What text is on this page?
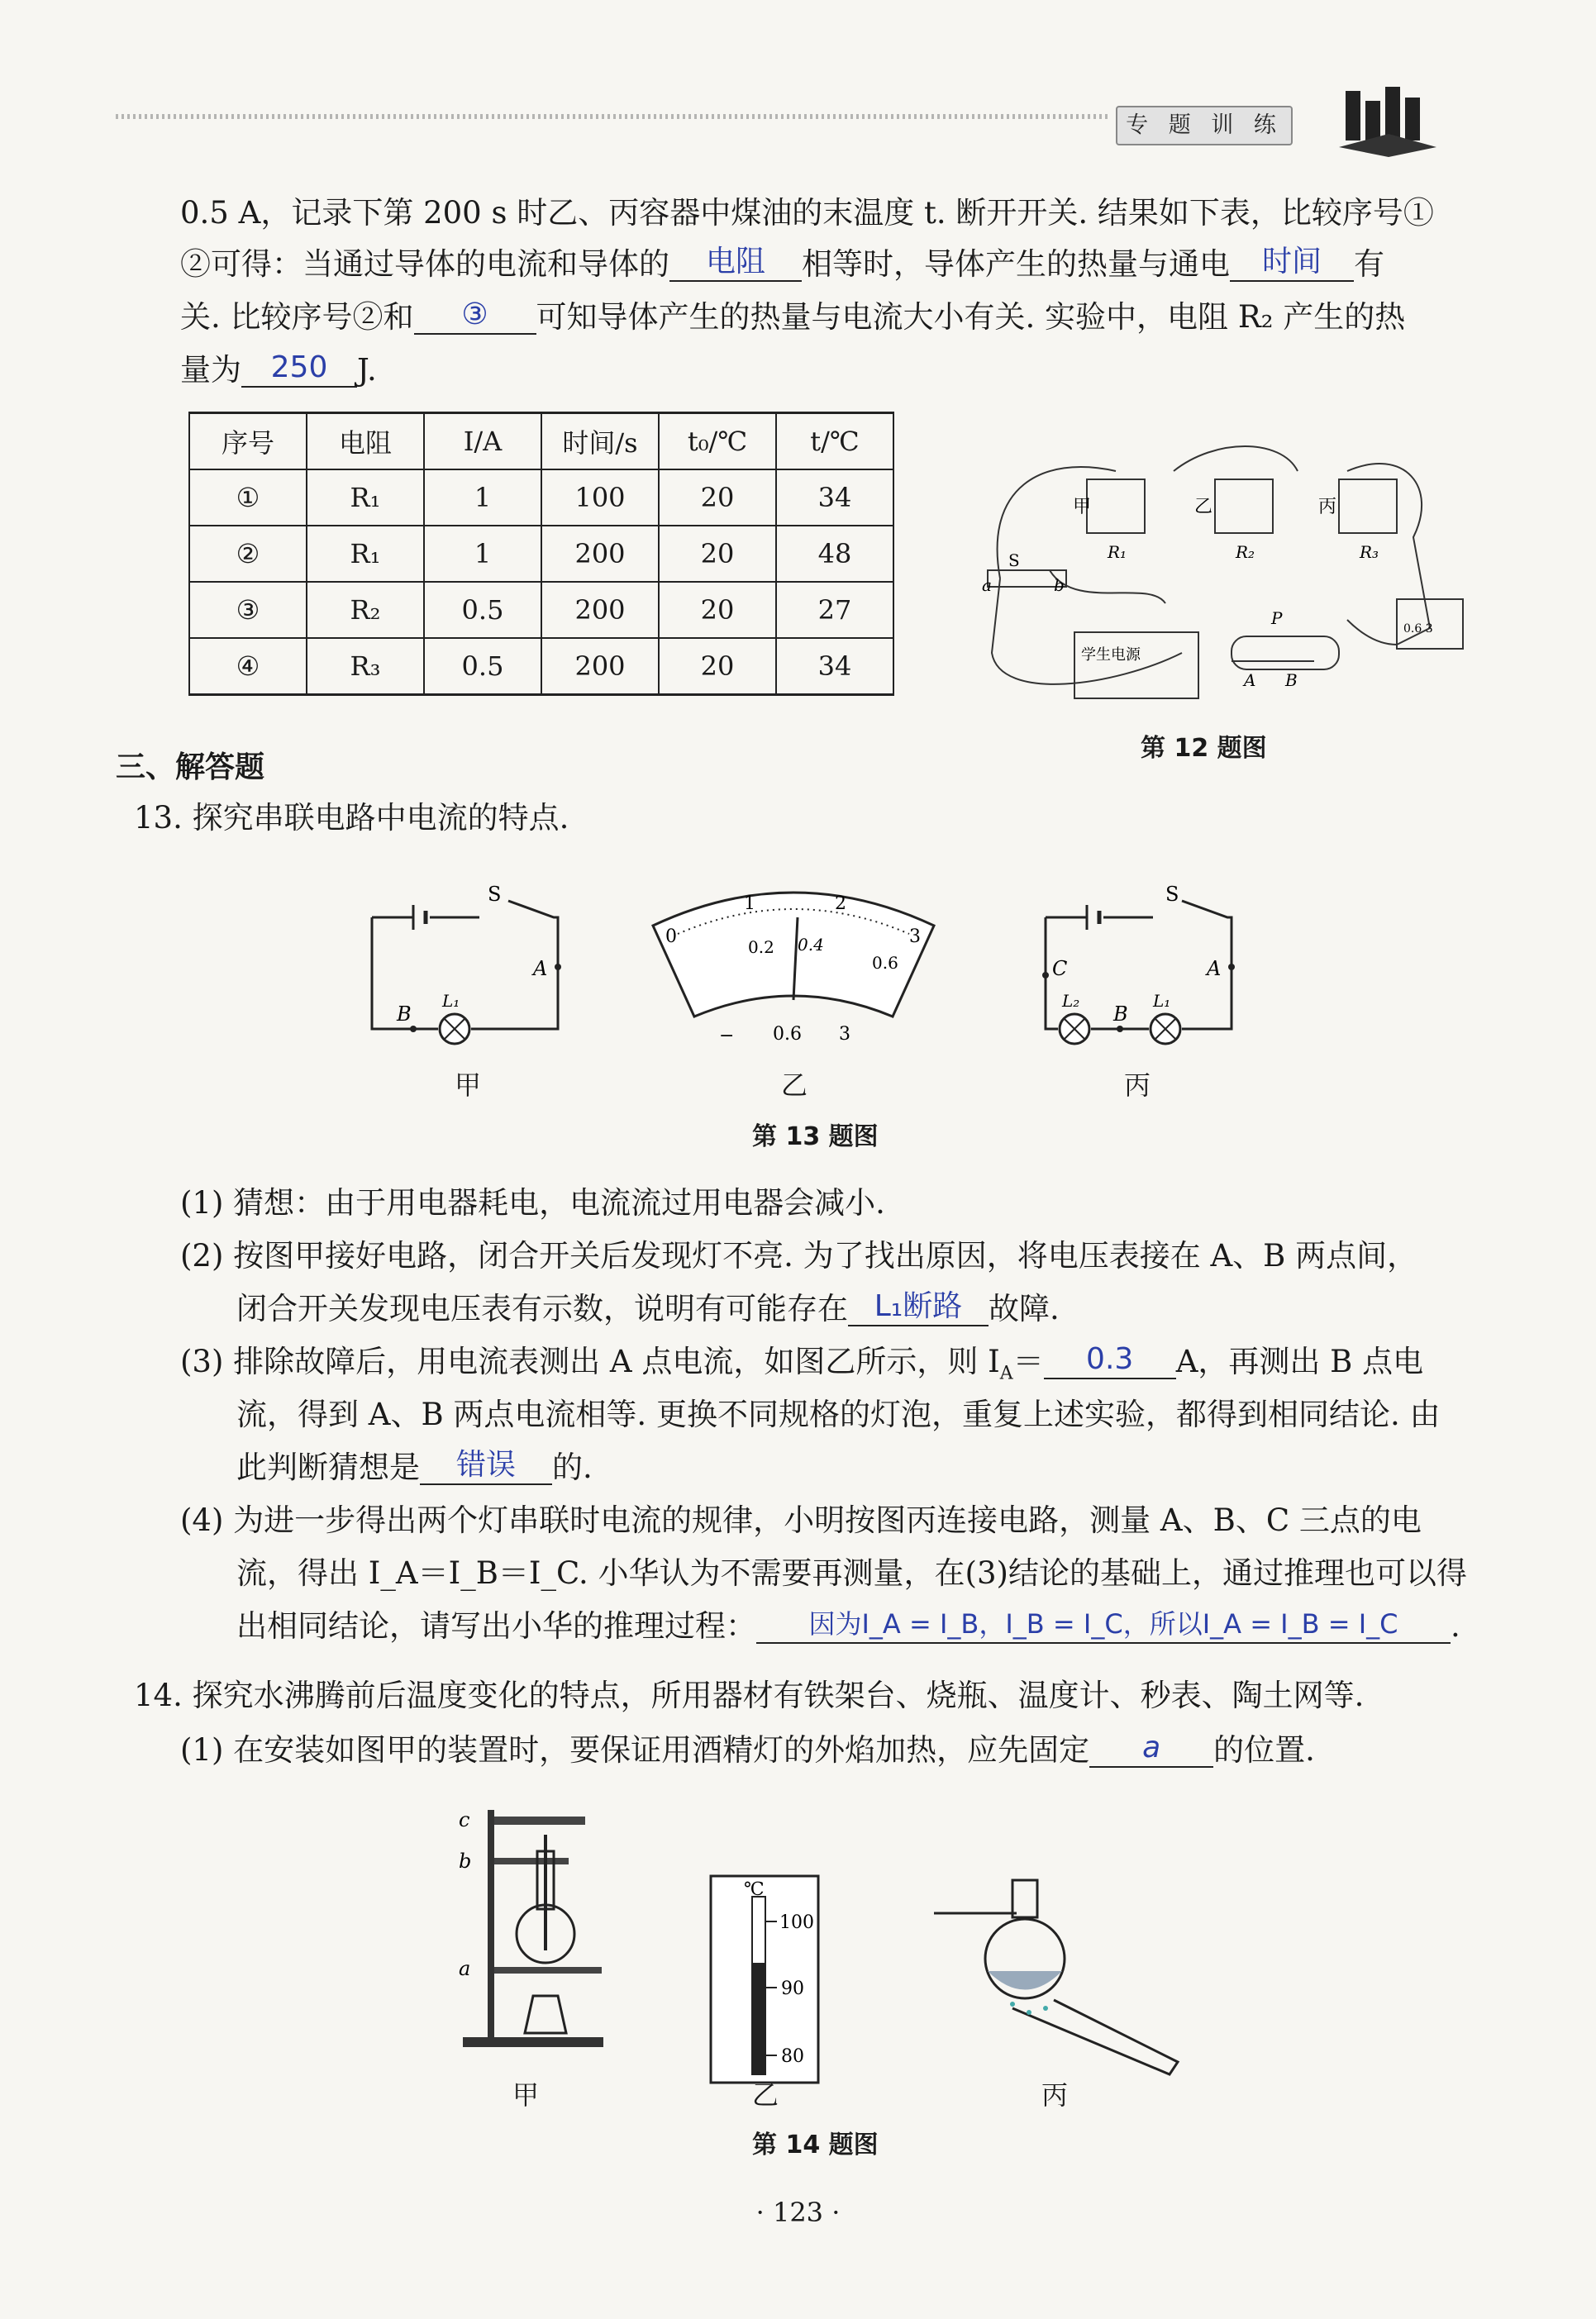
专 题 训 练
0.5 A，记录下第 200 s 时乙、丙容器中煤油的末温度 t. 断开开关. 结果如下表，比较序号①
②可得：当通过导体的电流和导体的 电阻 相等时，导体产生的热量与通电 时间 有
关. 比较序号②和 ③ 可知导体产生的热量与电流大小有关. 实验中，电阻 R₂ 产生的热
量为 250 J.
序号	电阻	I/A	时间/s	t₀/℃	t/℃
①	R₁	1	100	20	34
②	R₁	1	200	20	48
③	R₂	0.5	200	20	27
④	R₃	0.5	200	20	34
甲	乙	丙
R₁	R₂	R₃
S
a	b
P
A B
学生电源
0.6 3
第 12 题图
三、解答题
13. 探究串联电路中电流的特点.
S
A
B
L₁
甲
0
1	2
3
0.2 0.4
0.6
− 0.6 3
乙
S
A
C
L₂
B
L₁
丙
第 13 题图
(1) 猜想：由于用电器耗电，电流流过用电器会减小.
(2) 按图甲接好电路，闭合开关后发现灯不亮. 为了找出原因，将电压表接在 A、B 两点间，
闭合开关发现电压表有示数，说明有可能存在 L₁断路 故障.
(3) 排除故障后，用电流表测出 A 点电流，如图乙所示，则 $I_A= 0.3$ A，再测出 B 点电
流，得到 A、B 两点电流相等. 更换不同规格的灯泡，重复上述实验，都得到相同结论. 由
此判断猜想是 错误 的.
(4) 为进一步得出两个灯串联时电流的规律，小明按图丙连接电路，测量 A、B、C 三点的电
流，得出 I_A＝I_B＝I_C. 小华认为不需要再测量，在(3)结论的基础上，通过推理也可以得
出相同结论，请写出小华的推理过程： 因为I_A = I_B，I_B = I_C，所以I_A = I_B = I_C .
14. 探究水沸腾前后温度变化的特点，所用器材有铁架台、烧瓶、温度计、秒表、陶土网等.
(1) 在安装如图甲的装置时，要保证用酒精灯的外焰加热，应先固定 a 的位置.
c
b
a
甲
℃
100
90
80
乙	丙
第 14 题图
· 123 ·
